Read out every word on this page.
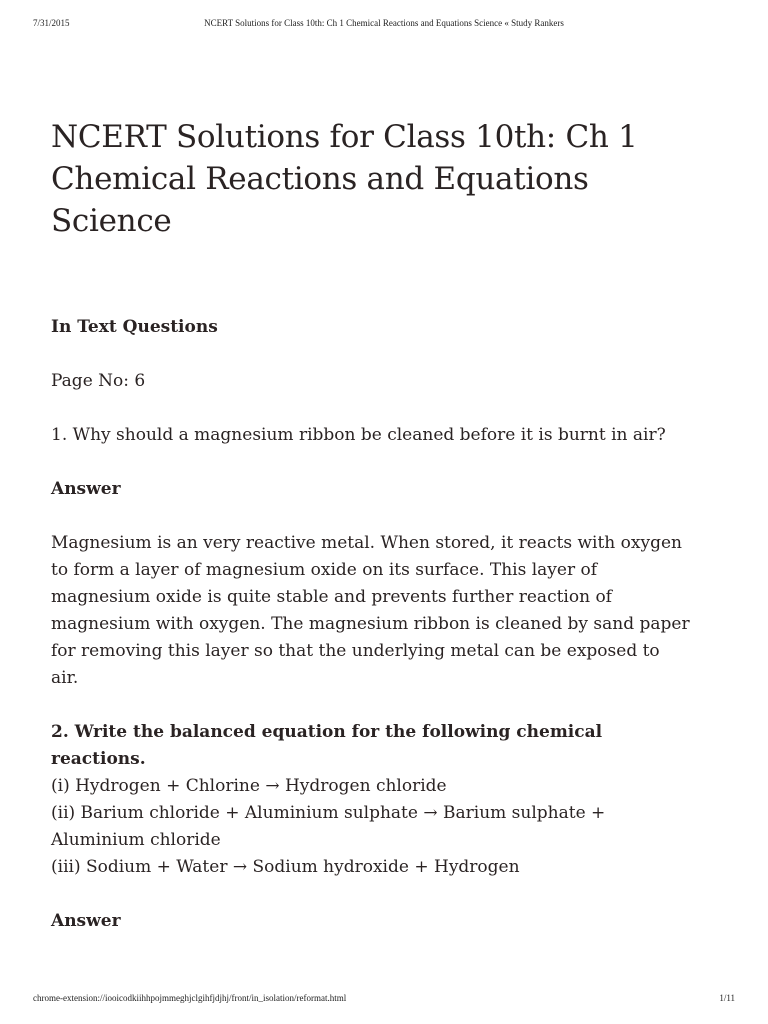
7/31/2015	NCERT Solutions for Class 10th: Ch 1 Chemical Reactions and Equations Science « Study Rankers
NCERT Solutions for Class 10th: Ch 1 Chemical Reactions and Equations Science
In Text Questions

Page No: 6

1. Why should a magnesium ribbon be cleaned before it is burnt in air?

Answer

Magnesium is an very reactive metal. When stored, it reacts with oxygen to form a layer of magnesium oxide on its surface. This layer of magnesium oxide is quite stable and prevents further reaction of magnesium with oxygen. The magnesium ribbon is cleaned by sand paper for removing this layer so that the underlying metal can be exposed to air.

2. Write the balanced equation for the following chemical reactions.

(i) Hydrogen + Chlorine → Hydrogen chloride

(ii) Barium chloride + Aluminium sulphate → Barium sulphate + Aluminium chloride

(iii) Sodium + Water → Sodium hydroxide + Hydrogen

Answer
chrome-extension://iooicodkiihhpojmmeghjclgihfjdjhj/front/in_isolation/reformat.html	1/11
